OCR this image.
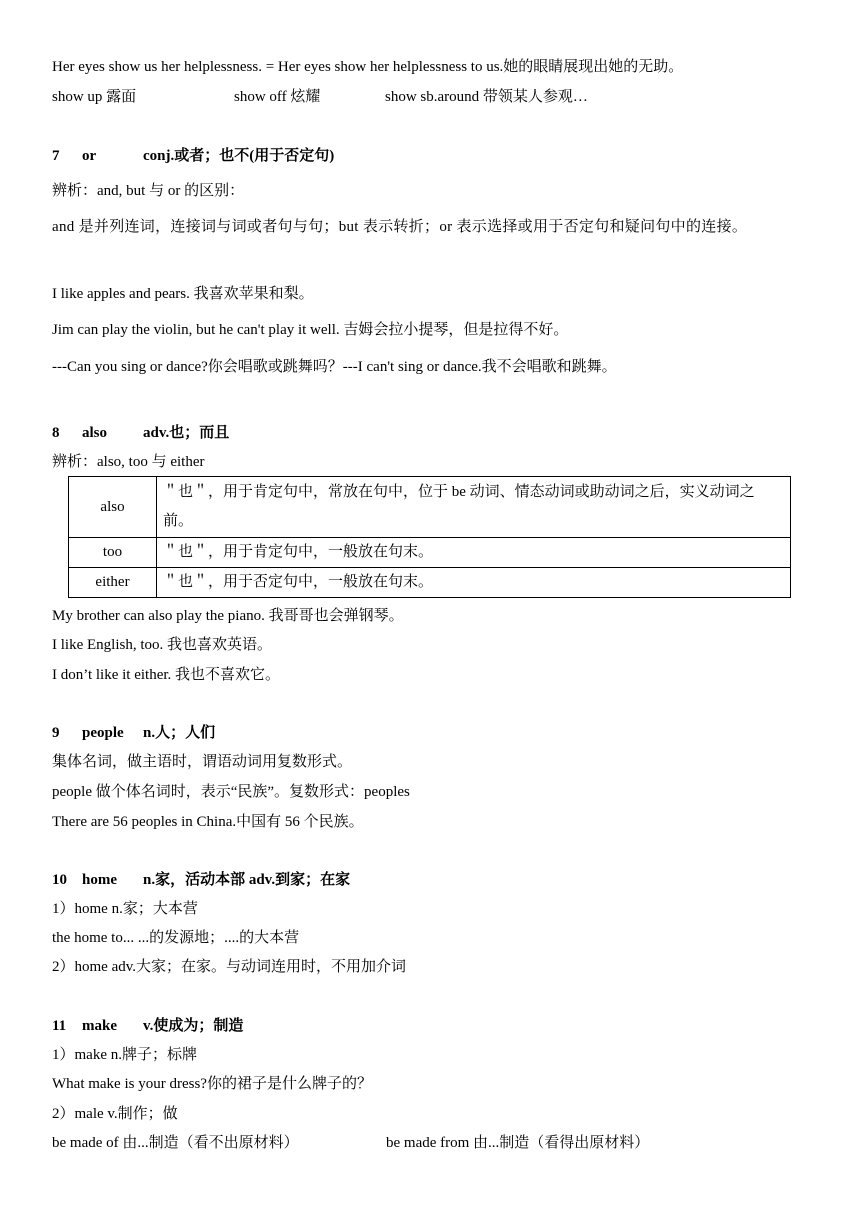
Her eyes show us her helplessness. = Her eyes show her helplessness to us.她的眼睛展现出她的无助。
show up 露面	show off 炫耀	show sb.around 带领某人参观…
7 or	conj.或者；也不(用于否定句)
辨析：and, but 与 or 的区别：
and 是并列连词，连接词与词或者句与句；but 表示转折；or 表示选择或用于否定句和疑问句中的连接。
I like apples and pears. 我喜欢苹果和梨。
Jim can play the violin, but he can't play it well. 吉姆会拉小提琴，但是拉得不好。
---Can you sing or dance?你会唱歌或跳舞吗？---I can't sing or dance.我不会唱歌和跳舞。
8 also adv.也；而且
辨析：also, too 与 either
also	＂也＂，用于肯定句中，常放在句中，位于 be 动词、情态动词或助动词之后，实义动词之前。
too	＂也＂，用于肯定句中，一般放在句末。
either	＂也＂，用于否定句中，一般放在句末。
My brother can also play the piano. 我哥哥也会弹钢琴。
I like English, too. 我也喜欢英语。
I don’t like it either. 我也不喜欢它。
9 people n.人；人们
集体名词，做主语时，谓语动词用复数形式。
people 做个体名词时，表示“民族”。复数形式：peoples
There are 56 peoples in China.中国有 56 个民族。
10 home n.家，活动本部 adv.到家；在家
1）home n.家；大本营
the home to... ...的发源地；....的大本营
2）home adv.大家；在家。与动词连用时，不用加介词
11 make v.使成为；制造
1）make n.牌子；标牌
What make is your dress?你的裙子是什么牌子的？
2）male v.制作；做
be made of 由...制造（看不出原材料）	be made from 由...制造（看得出原材料）
